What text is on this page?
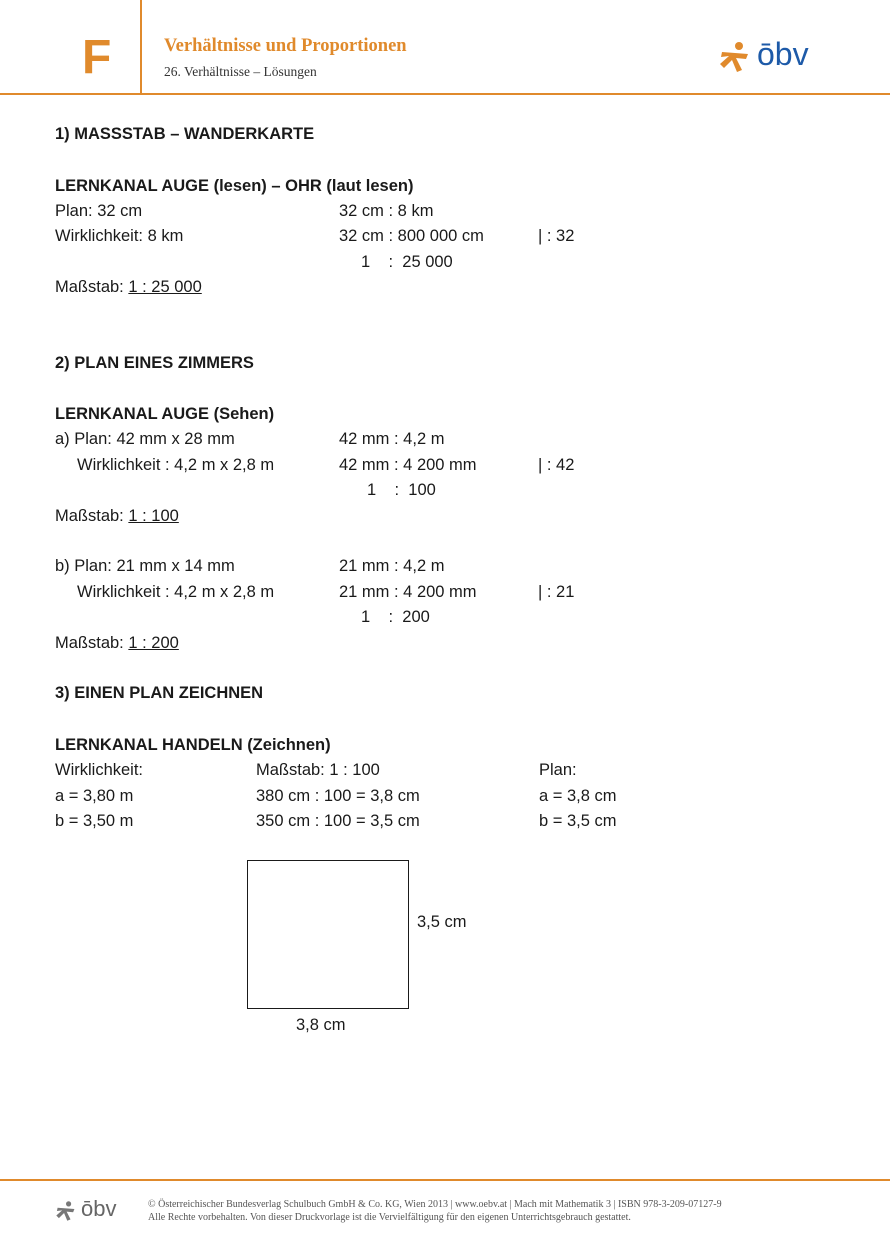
F	Verhältnisse und Proportionen
26. Verhältnisse – Lösungen	ōbv
1) MASSSTAB – WANDERKARTE
LERNKANAL AUGE (lesen) – OHR (laut lesen)
Plan: 32 cm	32 cm : 8 km
Wirklichkeit: 8 km	32 cm : 800 000 cm	| : 32
1    :  25 000
Maßstab: 1 : 25 000
2) PLAN EINES ZIMMERS
LERNKANAL AUGE (Sehen)
a) Plan: 42 mm x 28 mm	42 mm : 4,2 m
Wirklichkeit : 4,2 m x 2,8 m	42 mm : 4 200 mm	| : 42
1    :  100
Maßstab: 1 : 100
b) Plan: 21 mm x 14 mm	21 mm : 4,2 m
Wirklichkeit : 4,2 m x 2,8 m	21 mm : 4 200 mm	| : 21
1    :  200
Maßstab: 1 : 200
3) EINEN PLAN ZEICHNEN
LERNKANAL HANDELN (Zeichnen)
Wirklichkeit:	Maßstab: 1 : 100	Plan:
a = 3,80 m	380 cm : 100 = 3,8 cm	a = 3,8 cm
b = 3,50 m	350 cm : 100 = 3,5 cm	b = 3,5 cm
3,5 cm
3,8 cm
ōbv	© Österreichischer Bundesverlag Schulbuch GmbH & Co. KG, Wien 2013 | www.oebv.at | Mach mit Mathematik 3 | ISBN 978-3-209-07127-9
Alle Rechte vorbehalten. Von dieser Druckvorlage ist die Vervielfältigung für den eigenen Unterrichtsgebrauch gestattet.
